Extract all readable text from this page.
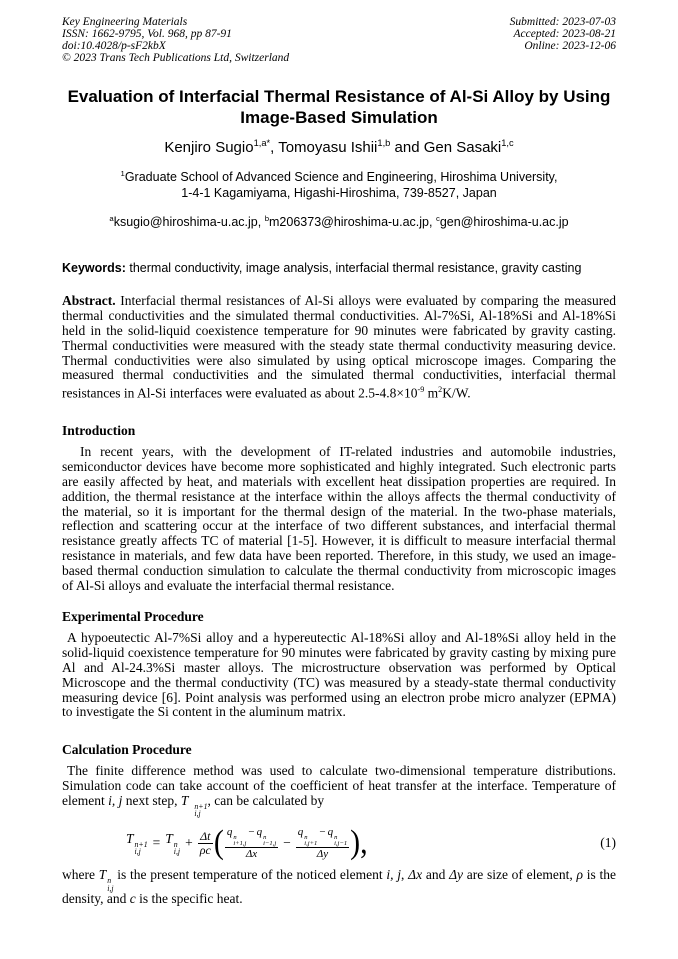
Key Engineering Materials
ISSN: 1662-9795, Vol. 968, pp 87-91
doi:10.4028/p-sF2kbX
© 2023 Trans Tech Publications Ltd, Switzerland
Submitted: 2023-07-03
Accepted: 2023-08-21
Online: 2023-12-06
Evaluation of Interfacial Thermal Resistance of Al-Si Alloy by Using
Image-Based Simulation
Kenjiro Sugio$^{1,a*}$, Tomoyasu Ishii$^{1,b}$ and Gen Sasaki$^{1,c}$
$^1$Graduate School of Advanced Science and Engineering, Hiroshima University,
1-4-1 Kagamiyama, Higashi-Hiroshima, 739-8527, Japan
$^a$ksugio@hiroshima-u.ac.jp, $^b$m206373@hiroshima-u.ac.jp, $^c$gen@hiroshima-u.ac.jp
Keywords: thermal conductivity, image analysis, interfacial thermal resistance, gravity casting

Abstract. Interfacial thermal resistances of Al-Si alloys were evaluated by comparing the measured thermal conductivities and the simulated thermal conductivities. Al-7%Si, Al-18%Si and Al-18%Si held in the solid-liquid coexistence temperature for 90 minutes were fabricated by gravity casting. Thermal conductivities were measured with the steady state thermal conductivity measuring device. Thermal conductivities were also simulated by using optical microscope images. Comparing the measured thermal conductivities and the simulated thermal conductivities, interfacial thermal resistances in Al-Si interfaces were evaluated as about $2.5-4.8\times 10^{-9}$ $m^2K/W$.

Introduction

In recent years, with the development of IT-related industries and automobile industries, semiconductor devices have become more sophisticated and highly integrated. Such electronic parts are easily affected by heat, and materials with excellent heat dissipation properties are required. In addition, the thermal resistance at the interface within the alloys affects the thermal conductivity of the material, so it is important for the thermal design of the material. In the two-phase materials, reflection and scattering occur at the interface of two different substances, and interfacial thermal resistance greatly affects TC of material [1-5]. However, it is difficult to measure interfacial thermal resistance in materials, and few data have been reported. Therefore, in this study, we used an image-based thermal conduction simulation to calculate the thermal conductivity from microscopic images of Al-Si alloys and evaluate the interfacial thermal resistance.

Experimental Procedure

A hypoeutectic Al-7%Si alloy and a hypereutectic Al-18%Si alloy and Al-18%Si alloy held in the solid-liquid coexistence temperature for 90 minutes were fabricated by gravity casting by mixing pure Al and Al-24.3%Si master alloys. The microstructure observation was performed by Optical Microscope and the thermal conductivity (TC) was measured by a steady-state thermal conductivity measuring device [6]. Point analysis was performed using an electron probe micro analyzer (EPMA) to investigate the Si content in the aluminum matrix.

Calculation Procedure

The finite difference method was used to calculate two-dimensional temperature distributions. Simulation code can take account of the coefficient of heat transfer at the interface. Temperature of element i, j next step, T n+1
i,j
, can be calculated by

T n+1
i,j
= T n
i,j
+ $\frac{\Delta t}{\rho c}$ ( q n
i+1,j
− q n
i−1,j
Δx − q n
i,j+1
− q n
i,j−1
Δy ),	(1)

where T n
i,j
is the present temperature of the noticed element i, j, Δx and Δy are size of element, ρ is the density, and c is the specific heat.
